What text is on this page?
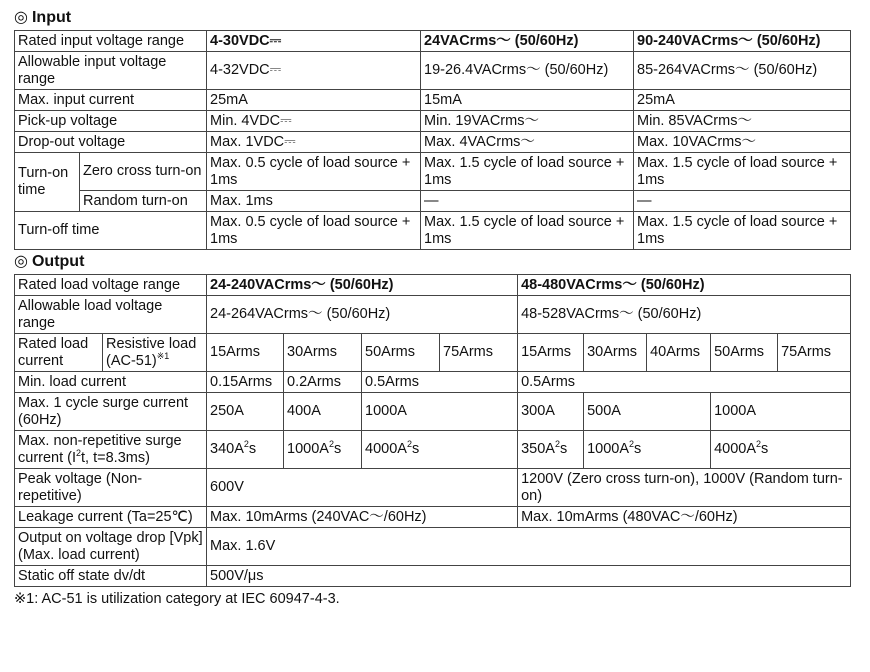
◎ Input
Rated input voltage range		4-30VDC⎓	24VACrms～ (50/60Hz)	90-240VACrms～ (50/60Hz)
Allowable input voltage range		4-32VDC⎓	19-26.4VACrms～ (50/60Hz)	85-264VACrms～ (50/60Hz)
Max. input current		25mA	15mA	25mA
Pick-up voltage		Min. 4VDC⎓	Min. 19VACrms～	Min. 85VACrms～
Drop-out voltage		Max. 1VDC⎓	Max. 4VACrms～	Max. 10VACrms～
Turn-on time	Zero cross turn-on	Max. 0.5 cycle of load source + 1ms	Max. 1.5 cycle of load source + 1ms	Max. 1.5 cycle of load source + 1ms
	Random turn-on	Max. 1ms	—	—
Turn-off time		Max. 0.5 cycle of load source + 1ms	Max. 1.5 cycle of load source + 1ms	Max. 1.5 cycle of load source + 1ms
◎ Output
Rated load voltage range		24-240VACrms～ (50/60Hz)				48-480VACrms～ (50/60Hz)				
Allowable load voltage range		24-264VACrms～ (50/60Hz)				48-528VACrms～ (50/60Hz)				
Rated load current	Resistive load $(AC-51)^{※1}$	15Arms	30Arms	50Arms	75Arms	15Arms	30Arms	40Arms	50Arms	75Arms
Min. load current		0.15Arms	0.2Arms	0.5Arms		0.5Arms				
Max. 1 cycle surge current (60Hz)		250A	400A	1000A		300A	500A		1000A	
Max. non-repetitive surge
current ($I^2t$, t=8.3ms)		$340A^2s$	$1000A^2s$	$4000A^2s$		$350A^2s$	$1000A^2s$		$4000A^2s$	
Peak voltage (Non-repetitive)		600V				1200V (Zero cross turn-on), 1000V (Random turn-on)				
Leakage current (Ta=25℃)		Max. 10mArms (240VAC～/60Hz)				Max. 10mArms (480VAC～/60Hz)				
Output on voltage drop [Vpk] (Max. load current)		Max. 1.6V								
Static off state dv/dt		500V/μs								
※1: AC-51 is utilization category at IEC 60947-4-3.
